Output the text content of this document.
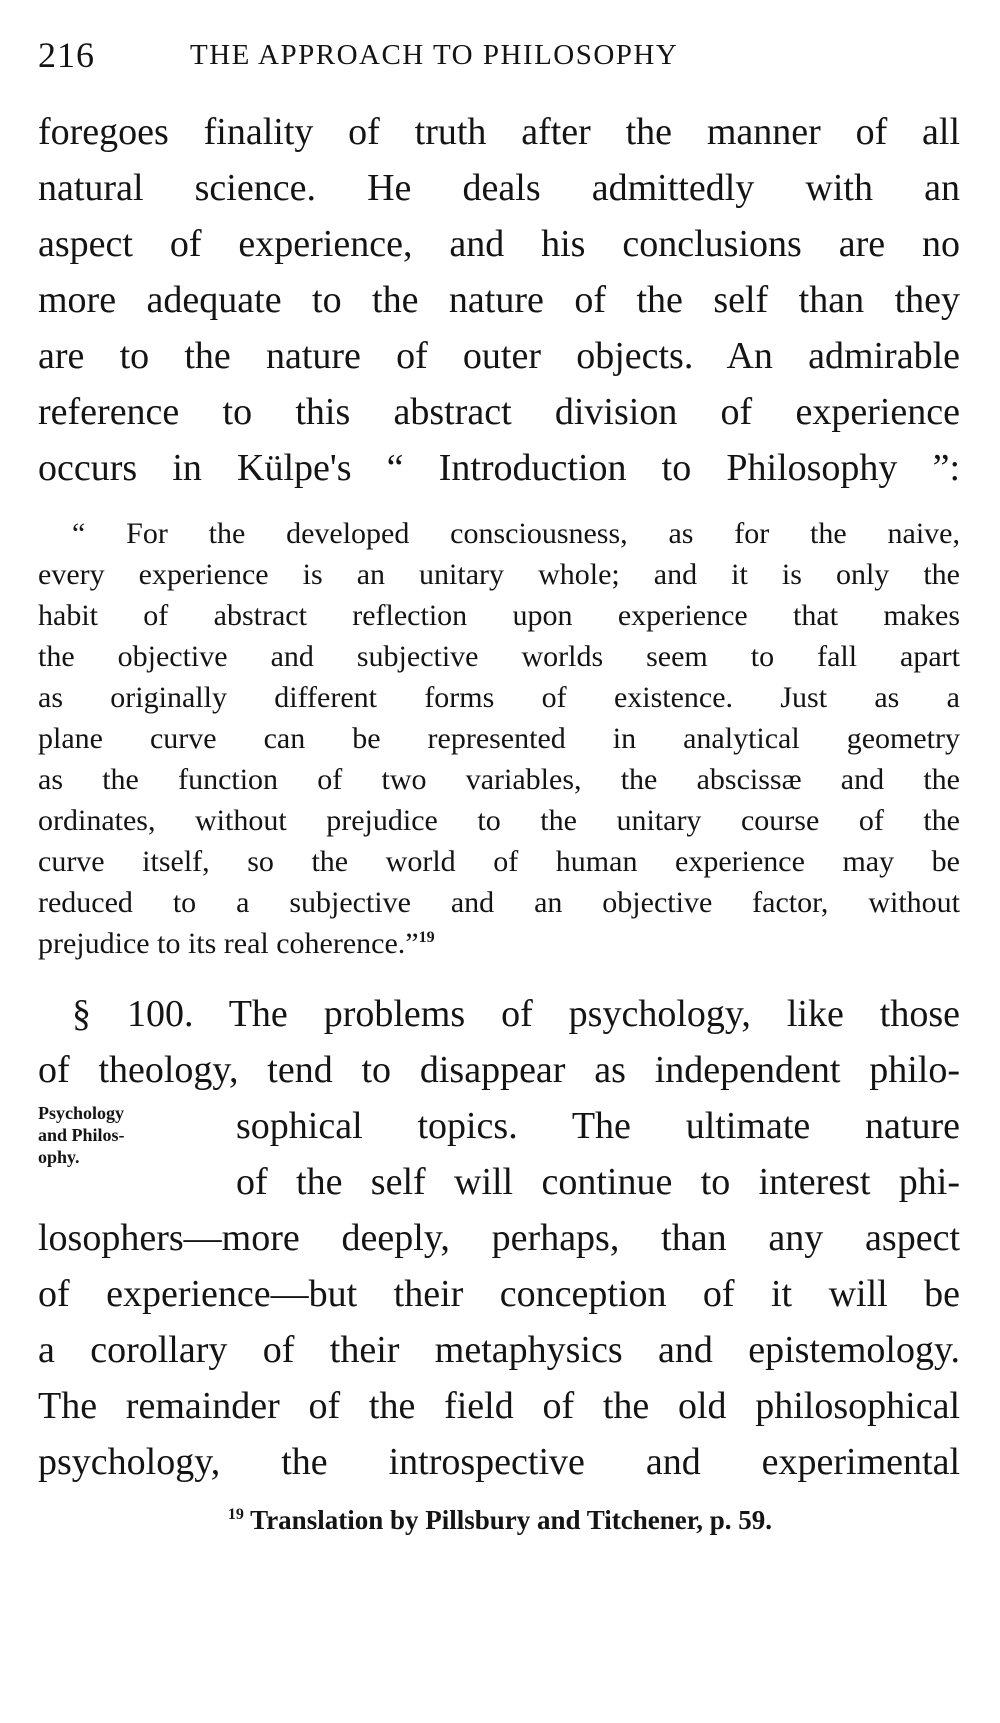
216	THE APPROACH TO PHILOSOPHY
foregoes finality of truth after the manner of all
natural science. He deals admittedly with an
aspect of experience, and his conclusions are no
more adequate to the nature of the self than they
are to the nature of outer objects. An admirable
reference to this abstract division of experience
occurs in Külpe's “ Introduction to Philosophy ”:
“ For the developed consciousness, as for the naive,
every experience is an unitary whole; and it is only the
habit of abstract reflection upon experience that makes
the objective and subjective worlds seem to fall apart
as originally different forms of existence. Just as a
plane curve can be represented in analytical geometry
as the function of two variables, the abscissæ and the
ordinates, without prejudice to the unitary course of the
curve itself, so the world of human experience may be
reduced to a subjective and an objective factor, without
prejudice to its real coherence.”$^{19}$
§ 100. The problems of psychology, like those
of theology, tend to disappear as independent philo-
sophical topics. The ultimate nature
of the self will continue to interest phi-
losophers—more deeply, perhaps, than any aspect
of experience—but their conception of it will be
a corollary of their metaphysics and epistemology.
The remainder of the field of the old philosophical
psychology, the introspective and experimental
Psychology
and Philos-
ophy.
$^{19}$ Translation by Pillsbury and Titchener, p. 59.
